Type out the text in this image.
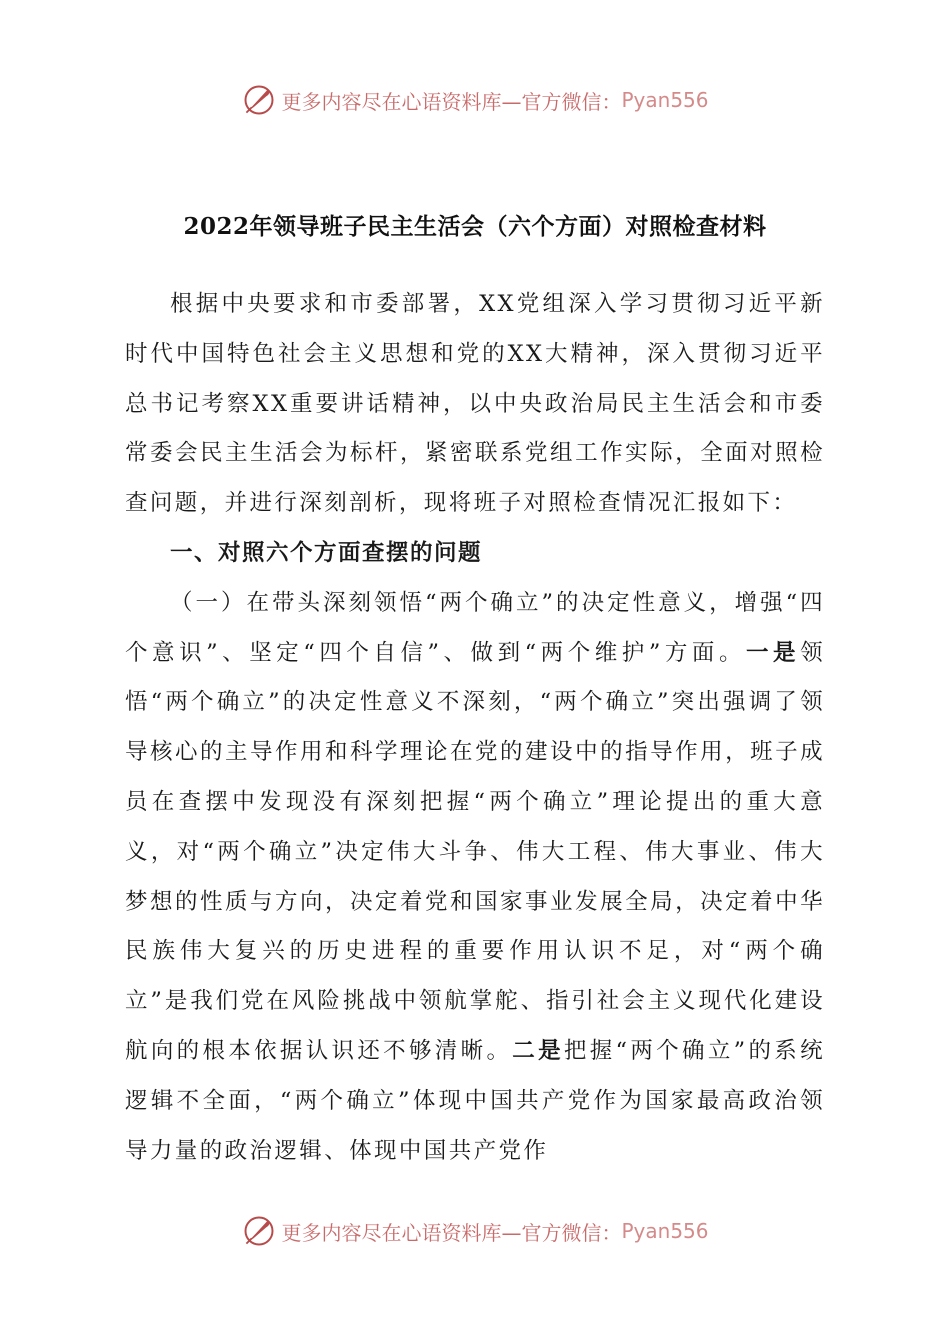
更多内容尽在心语资料库—官方微信： Pyan556
2022年领导班子民主生活会（六个方面）对照检查材料

根据中央要求和市委部署，XX党组深入学习贯彻习近平新时代中国特色社会主义思想和党的XX大精神，深入贯彻习近平总书记考察XX重要讲话精神，以中央政治局民主生活会和市委常委会民主生活会为标杆，紧密联系党组工作实际，全面对照检查问题，并进行深刻剖析，现将班子对照检查情况汇报如下：

一、对照六个方面查摆的问题

（一）在带头深刻领悟“两个确立”的决定性意义，增强“四个意识”、坚定“四个自信”、做到“两个维护”方面。一是领悟“两个确立”的决定性意义不深刻，“两个确立”突出强调了领导核心的主导作用和科学理论在党的建设中的指导作用，班子成员在查摆中发现没有深刻把握“两个确立”理论提出的重大意义，对“两个确立”决定伟大斗争、伟大工程、伟大事业、伟大梦想的性质与方向，决定着党和国家事业发展全局，决定着中华民族伟大复兴的历史进程的重要作用认识不足，对“两个确立”是我们党在风险挑战中领航掌舵、指引社会主义现代化建设航向的根本依据认识还不够清晰。二是把握“两个确立”的系统逻辑不全面，“两个确立”体现中国共产党作为国家最高政治领导力量的政治逻辑、体现中国共产党作

更多内容尽在心语资料库—官方微信： Pyan556
